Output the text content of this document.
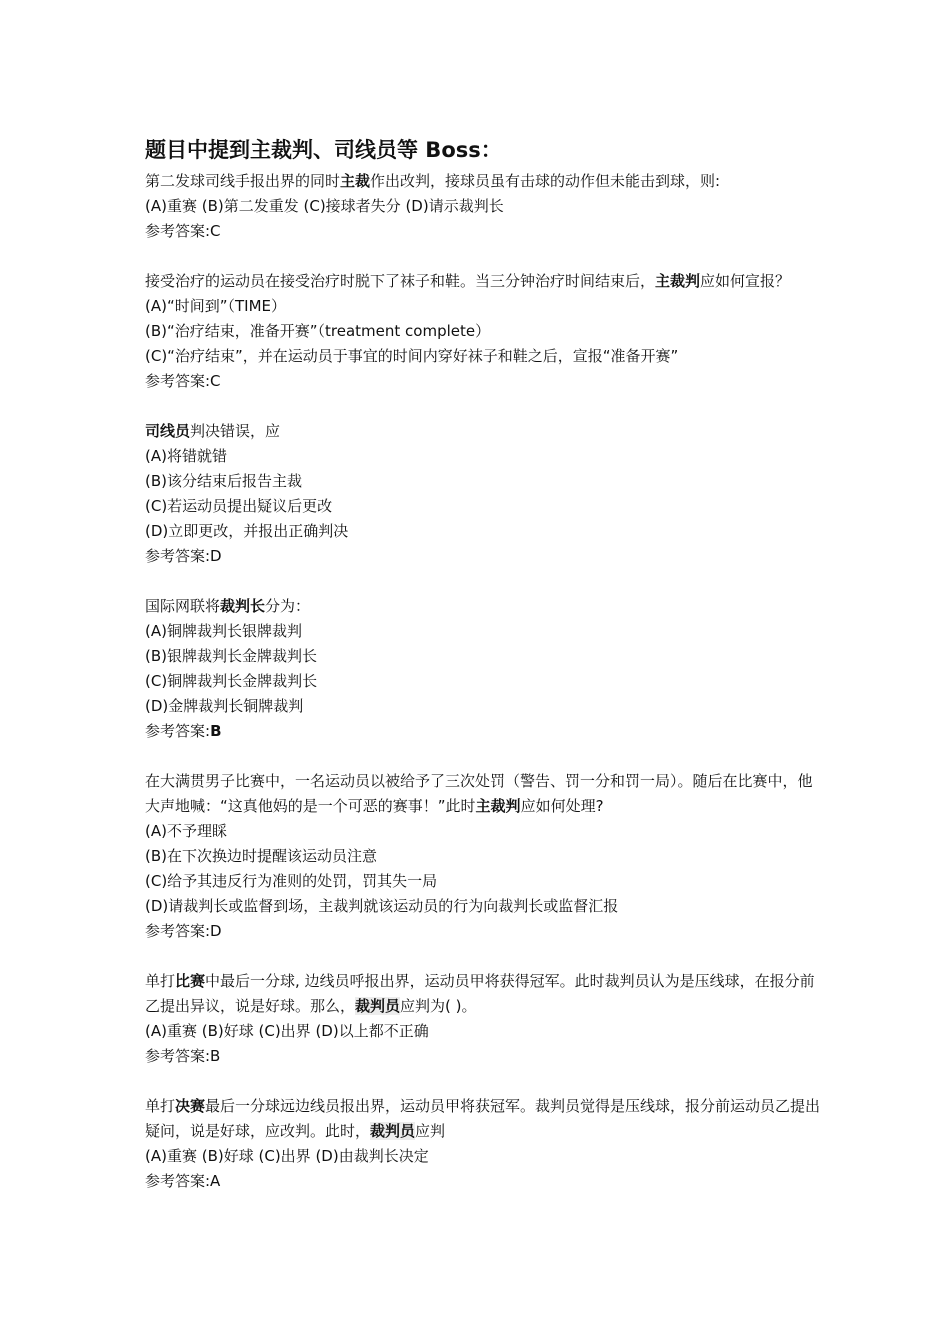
题目中提到主裁判、司线员等 Boss：

第二发球司线手报出界的同时主裁作出改判，接球员虽有击球的动作但未能击到球，则:

(A)重赛 (B)第二发重发 (C)接球者失分 (D)请示裁判长

参考答案:C

接受治疗的运动员在接受治疗时脱下了袜子和鞋。当三分钟治疗时间结束后，主裁判应如何宣报？

(A)“时间到”（TIME）

(B)“治疗结束，准备开赛”（treatment complete）

(C)“治疗结束”，并在运动员于事宜的时间内穿好袜子和鞋之后，宣报“准备开赛”

参考答案:C

司线员判决错误，应

(A)将错就错

(B)该分结束后报告主裁

(C)若运动员提出疑议后更改

(D)立即更改，并报出正确判决

参考答案:D

国际网联将裁判长分为：

(A)铜牌裁判长银牌裁判

(B)银牌裁判长金牌裁判长

(C)铜牌裁判长金牌裁判长

(D)金牌裁判长铜牌裁判

参考答案:B

在大满贯男子比赛中，一名运动员以被给予了三次处罚（警告、罚一分和罚一局）。随后在比赛中，他大声地喊：“这真他妈的是一个可恶的赛事！”此时主裁判应如何处理?

(A)不予理睬

(B)在下次换边时提醒该运动员注意

(C)给予其违反行为准则的处罚，罚其失一局

(D)请裁判长或监督到场，主裁判就该运动员的行为向裁判长或监督汇报

参考答案:D

单打比赛中最后一分球, 边线员呼报出界，运动员甲将获得冠军。此时裁判员认为是压线球，在报分前乙提出异议，说是好球。那么，裁判员应判为( )。

(A)重赛 (B)好球 (C)出界 (D)以上都不正确

参考答案:B

单打决赛最后一分球远边线员报出界，运动员甲将获冠军。裁判员觉得是压线球，报分前运动员乙提出疑问，说是好球，应改判。此时，裁判员应判

(A)重赛 (B)好球 (C)出界 (D)由裁判长决定

参考答案:A
